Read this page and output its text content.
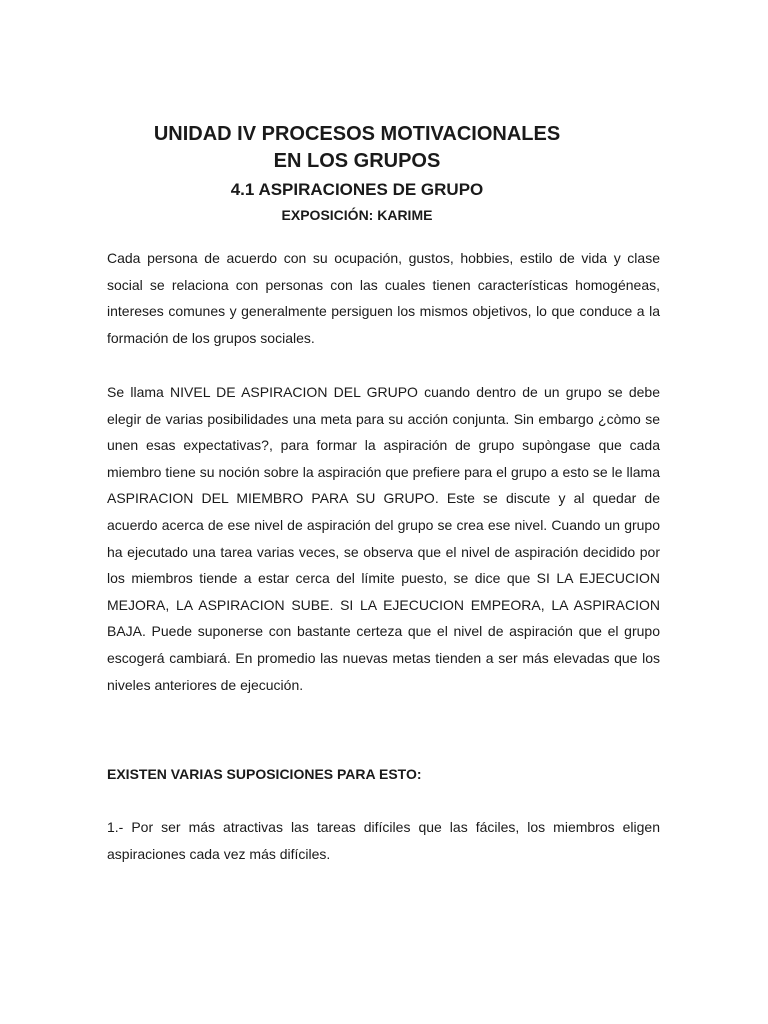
UNIDAD IV PROCESOS MOTIVACIONALES
EN LOS GRUPOS
4.1 ASPIRACIONES DE GRUPO
EXPOSICIÓN: KARIME

Cada persona de acuerdo con su ocupación, gustos, hobbies, estilo de vida y clase social se relaciona con personas con las cuales tienen características homogéneas, intereses comunes y generalmente persiguen los mismos objetivos, lo que conduce a la formación de los grupos sociales.

Se llama NIVEL DE ASPIRACION DEL GRUPO cuando dentro de un grupo se debe elegir de varias posibilidades una meta para su acción conjunta. Sin embargo ¿còmo se unen esas expectativas?, para formar la aspiración de grupo supòngase que cada miembro tiene su noción sobre la aspiración que prefiere para el grupo a esto se le llama ASPIRACION DEL MIEMBRO PARA SU GRUPO. Este se discute y al quedar de acuerdo acerca de ese nivel de aspiración del grupo se crea ese nivel. Cuando un grupo ha ejecutado una tarea varias veces, se observa que el nivel de aspiración decidido por los miembros tiende a estar cerca del límite puesto, se dice que SI LA EJECUCION MEJORA, LA ASPIRACION SUBE. SI LA EJECUCION EMPEORA, LA ASPIRACION BAJA. Puede suponerse con bastante certeza que el nivel de aspiración que el grupo escogerá cambiará. En promedio las nuevas metas tienden a ser más elevadas que los niveles anteriores de ejecución.

EXISTEN VARIAS SUPOSICIONES PARA ESTO:

1.- Por ser más atractivas las tareas difíciles que las fáciles, los miembros eligen aspiraciones cada vez más difíciles.
